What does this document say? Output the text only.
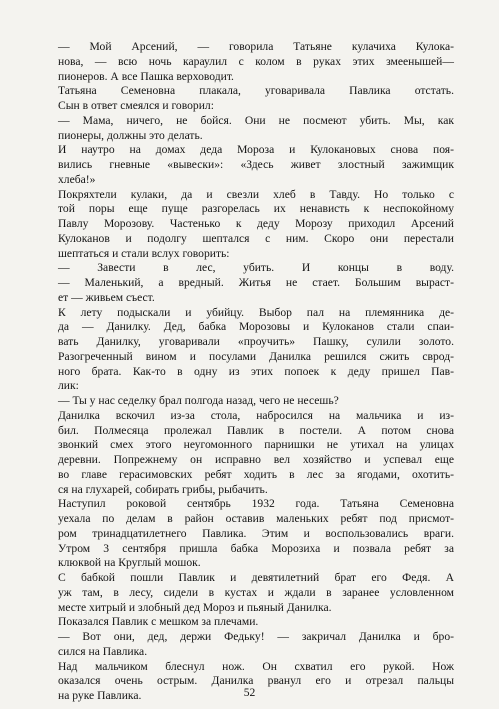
— Мой Арсений, — говорила Татьяне кулачиха Кулока-

нова, — всю ночь караулил с колом в руках этих змеенышей—

пионеров. А все Пашка верховодит.

Татьяна Семеновна плакала, уговаривала Павлика отстать.

Сын в ответ смеялся и говорил:

— Мама, ничего, не бойся. Они не посмеют убить. Мы, как

пионеры, должны это делать.

И наутро на домах деда Мороза и Кулокановых снова поя-

вились гневные «вывески»: «Здесь живет злостный зажимщик

хлеба!»

Покряхтели кулаки, да и свезли хлеб в Тавду. Но только с

той поры еще пуще разгорелась их ненависть к неспокойному

Павлу Морозову. Частенько к деду Морозу приходил Арсений

Кулоканов и подолгу шептался с ним. Скоро они перестали

шептаться и стали вслух говорить:

— Завести в лес, убить. И концы в воду.

— Маленький, а вредный. Житья не стает. Большим выраст-

ет — живьем съест.

К лету подыскали и убийцу. Выбор пал на племянника де-

да — Данилку. Дед, бабка Морозовы и Кулоканов стали спаи-

вать Данилку, уговаривали «проучить» Пашку, сулили золото.

Разогреченный вином и посулами Данилка решился сжить сврод-

ного брата. Как-то в одну из этих попоек к деду пришел Пав-

лик:

— Ты у нас седелку брал полгода назад, чего не несешь?

Данилка вскочил из-за стола, набросился на мальчика и из-

бил. Полмесяца пролежал Павлик в постели. А потом снова

звонкий смех этого неугомонного парнишки не утихал на улицах

деревни. Попрежнему он исправно вел хозяйство и успевал еще

во главе герасимовских ребят ходить в лес за ягодами, охотить-

ся на глухарей, собирать грибы, рыбачить.

Наступил роковой сентябрь 1932 года. Татьяна Семеновна

уехала по делам в район оставив маленьких ребят под присмот-

ром тринадцатилетнего Павлика. Этим и воспользовались враги.

Утром 3 сентября пришла бабка Морозиха и позвала ребят за

клюквой на Круглый мошок.

С бабкой пошли Павлик и девятилетний брат его Федя. А

уж там, в лесу, сидели в кустах и ждали в заранее условленном

месте хитрый и злобный дед Мороз и пьяный Данилка.

Показался Павлик с мешком за плечами.

— Вот они, дед, держи Федьку! — закричал Данилка и бро-

сился на Павлика.

Над мальчиком блеснул нож. Он схватил его рукой. Нож

оказался очень острым. Данилка рванул его и отрезал пальцы

на руке Павлика.	52
